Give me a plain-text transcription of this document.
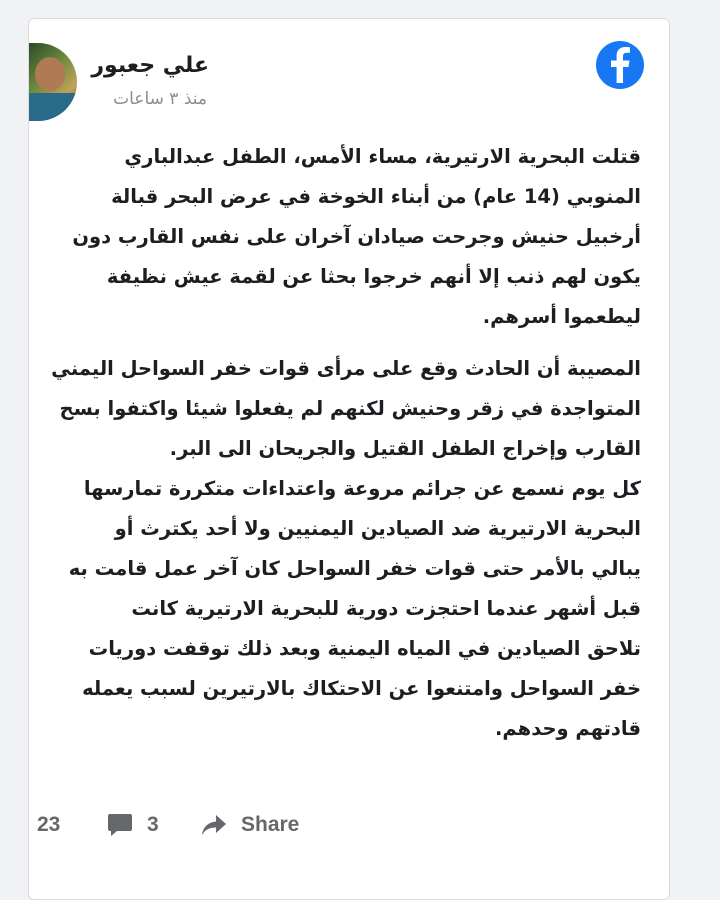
علي جعبور
منذ ٣ ساعات
قتلت البحرية الارتيرية، مساء الأمس، الطفل عبدالباري
المنوبي (14 عام) من أبناء الخوخة في عرض البحر قبالة
أرخبيل حنيش وجرحت صيادان آخران على نفس القارب دون
يكون لهم ذنب إلا أنهم خرجوا بحثا عن لقمة عيش نظيفة
ليطعموا أسرهم.
المصيبة أن الحادث وقع على مرأى قوات خفر السواحل اليمني
المتواجدة في زقر وحنيش لكنهم لم يفعلوا شيئا واكتفوا بسح
القارب وإخراج الطفل القتيل والجريحان الى البر.
كل يوم نسمع عن جرائم مروعة واعتداءات متكررة تمارسها
البحرية الارتيرية ضد الصيادين اليمنيين ولا أحد يكترث أو
يبالي بالأمر حتى قوات خفر السواحل كان آخر عمل قامت به
قبل أشهر عندما احتجزت دورية للبحرية الارتيرية كانت
تلاحق الصيادين في المياه اليمنية وبعد ذلك توقفت دوريات
خفر السواحل وامتنعوا عن الاحتكاك بالارتيرين لسبب يعمله
قادتهم وحدهم.
23	3	Share
